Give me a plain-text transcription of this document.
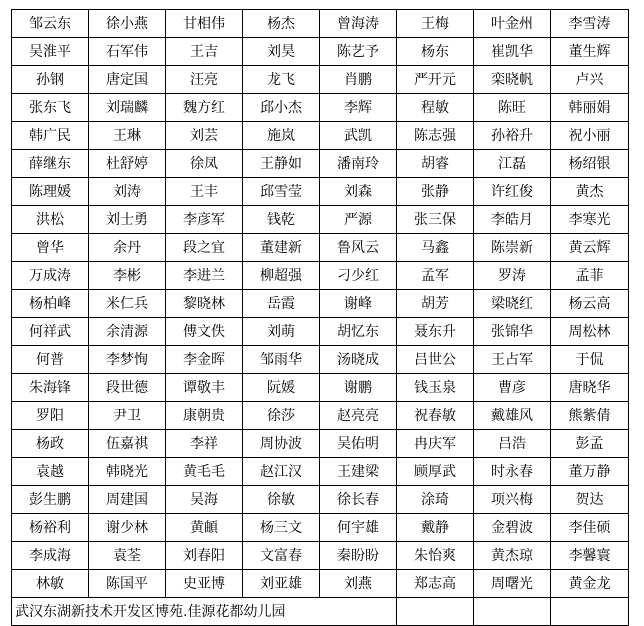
邹云东	徐小燕	甘相伟	杨杰	曾海涛	王梅	叶金州	李雪涛
吴淮平	石军伟	王吉	刘昊	陈艺予	杨东	崔凯华	董生辉
孙钢	唐定国	汪亮	龙飞	肖鹏	严开元	栾晓帆	卢兴
张东飞	刘瑞麟	魏方红	邱小杰	李辉	程敏	陈旺	韩丽娟
韩广民	王琳	刘芸	施岚	武凯	陈志强	孙裕升	祝小丽
薛继东	杜舒婷	徐凤	王静如	潘南玲	胡睿	江磊	杨绍银
陈理媛	刘涛	王丰	邱雪莹	刘森	张静	许红俊	黄杰
洪松	刘士勇	李彦军	钱乾	严源	张三保	李皓月	李寒光
曾华	余丹	段之宜	董建新	鲁风云	马鑫	陈崇新	黄云辉
万成涛	李彬	李进兰	柳超强	刁少红	孟军	罗涛	孟菲
杨柏峰	米仁兵	黎晓林	岳霞	谢峰	胡芳	梁晓红	杨云高
何祥武	余清源	傅文佚	刘萌	胡忆东	聂东升	张锦华	周松林
何普	李梦恂	李金晖	邹雨华	汤晓成	吕世公	王占军	于侃
朱海锋	段世德	谭敬丰	阮媛	谢鹏	钱玉泉	曹彦	唐晓华
罗阳	尹卫	康朝贵	徐莎	赵亮亮	祝春敏	戴雄风	熊紫倩
杨政	伍嘉祺	李祥	周协波	吴佑明	冉庆军	吕浩	彭孟
袁越	韩晓光	黄毛毛	赵江汉	王建梁	顾厚武	时永春	董万静
彭生鹏	周建国	吴海	徐敏	徐长春	涂琦	项兴梅	贺达
杨裕利	谢少林	黄頔	杨三文	何宇雄	戴静	金碧波	李佳硕
李成海	袁荃	刘春阳	文富春	秦盼盼	朱怡爽	黄杰琼	李馨寰
林敏	陈国平	史亚博	刘亚雄	刘燕	郑志高	周曙光	黄金龙
武汉东湖新技术开发区博苑.佳源花都幼儿园							
